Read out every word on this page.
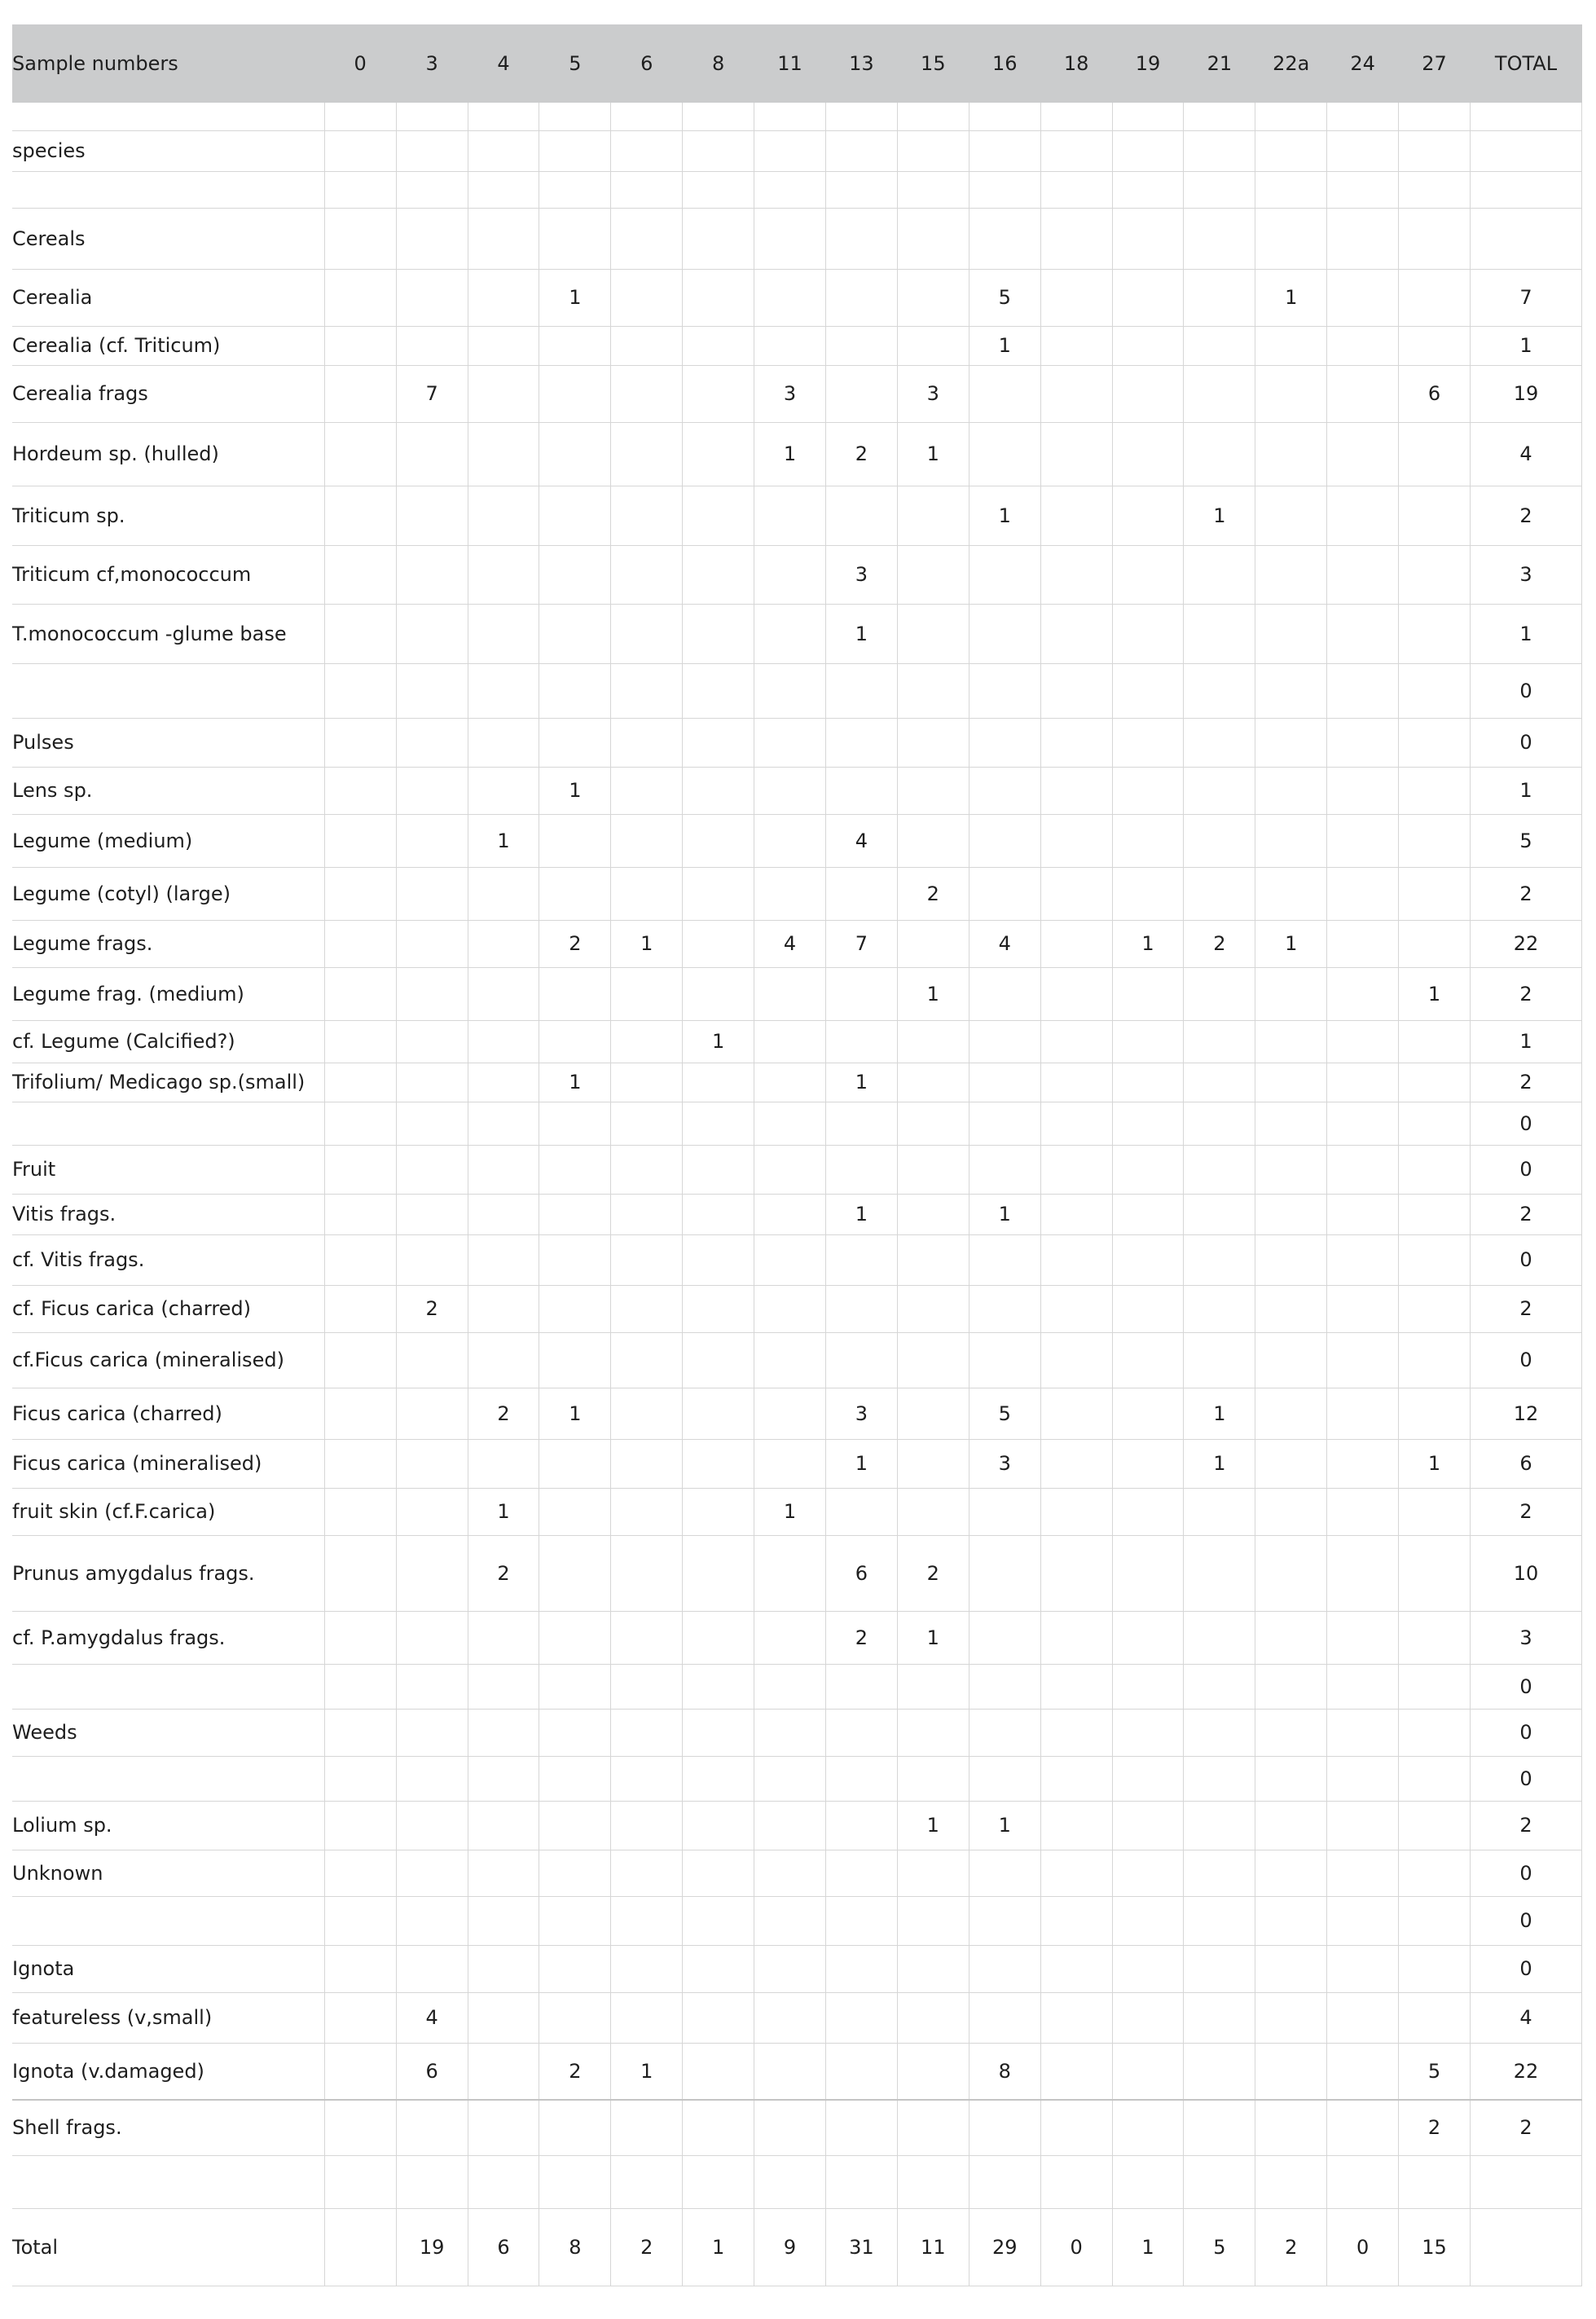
Sample numbers	0	3	4	5	6	8	11	13	15	16	18	19	21	22a	24	27	TOTAL

species																	

Cereals																	
Cerealia				1						5				1			7
Cerealia (cf. Triticum)										1							1
Cerealia frags		7					3		3							6	19
Hordeum sp. (hulled)							1	2	1								4
Triticum sp.										1			1				2
Triticum cf,monococcum								3									3
T.monococcum -glume base								1									1
																	0
Pulses																	0
Lens sp.				1													1
Legume (medium)			1					4									5
Legume (cotyl) (large)									2								2
Legume frags.				2	1		4	7		4		1	2	1			22
Legume frag. (medium)									1							1	2
cf. Legume (Calcified?)						1											1
Trifolium/ Medicago sp.(small)				1				1									2
																	0
Fruit																	0
Vitis frags.								1		1							2
cf. Vitis frags.																	0
cf. Ficus carica (charred)		2															2
cf.Ficus carica (mineralised)																	0
Ficus carica (charred)			2	1				3		5			1				12
Ficus carica (mineralised)								1		3			1			1	6
fruit skin (cf.F.carica)			1				1										2
Prunus amygdalus frags.			2					6	2								10
cf. P.amygdalus frags.								2	1								3
																	0
Weeds																	0
																	0
Lolium sp.									1	1							2
Unknown																	0
																	0
Ignota																	0
featureless (v,small)		4															4
Ignota (v.damaged)		6		2	1					8						5	22
Shell frags.																2	2

Total		19	6	8	2	1	9	31	11	29	0	1	5	2	0	15	
